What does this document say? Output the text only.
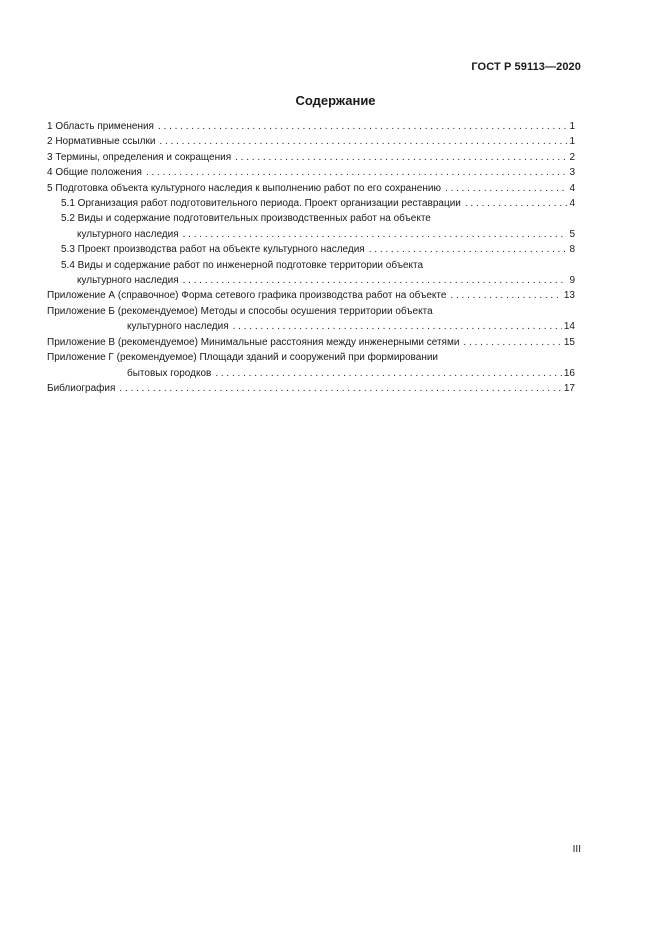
ГОСТ Р 59113—2020
Содержание
1 Область применения . . .	1
2 Нормативные ссылки . . .	1
3 Термины, определения и сокращения . . .	2
4 Общие положения . . .	3
5 Подготовка объекта культурного наследия к выполнению работ по его сохранению . . .	4
5.1 Организация работ подготовительного периода. Проект организации реставрации . . .	4
5.2 Виды и содержание подготовительных производственных работ на объекте
культурного наследия . . .	5
5.3 Проект производства работ на объекте культурного наследия . . .	8
5.4 Виды и содержание работ по инженерной подготовке территории объекта
культурного наследия . . .	9
Приложение А (справочное) Форма сетевого графика производства работ на объекте . . .	13
Приложение Б (рекомендуемое) Методы и способы осушения территории объекта
культурного наследия . . .	14
Приложение В (рекомендуемое) Минимальные расстояния между инженерными сетями . . .	15
Приложение Г (рекомендуемое) Площади зданий и сооружений при формировании
бытовых городков . . .	16
Библиография . . .	17
III
